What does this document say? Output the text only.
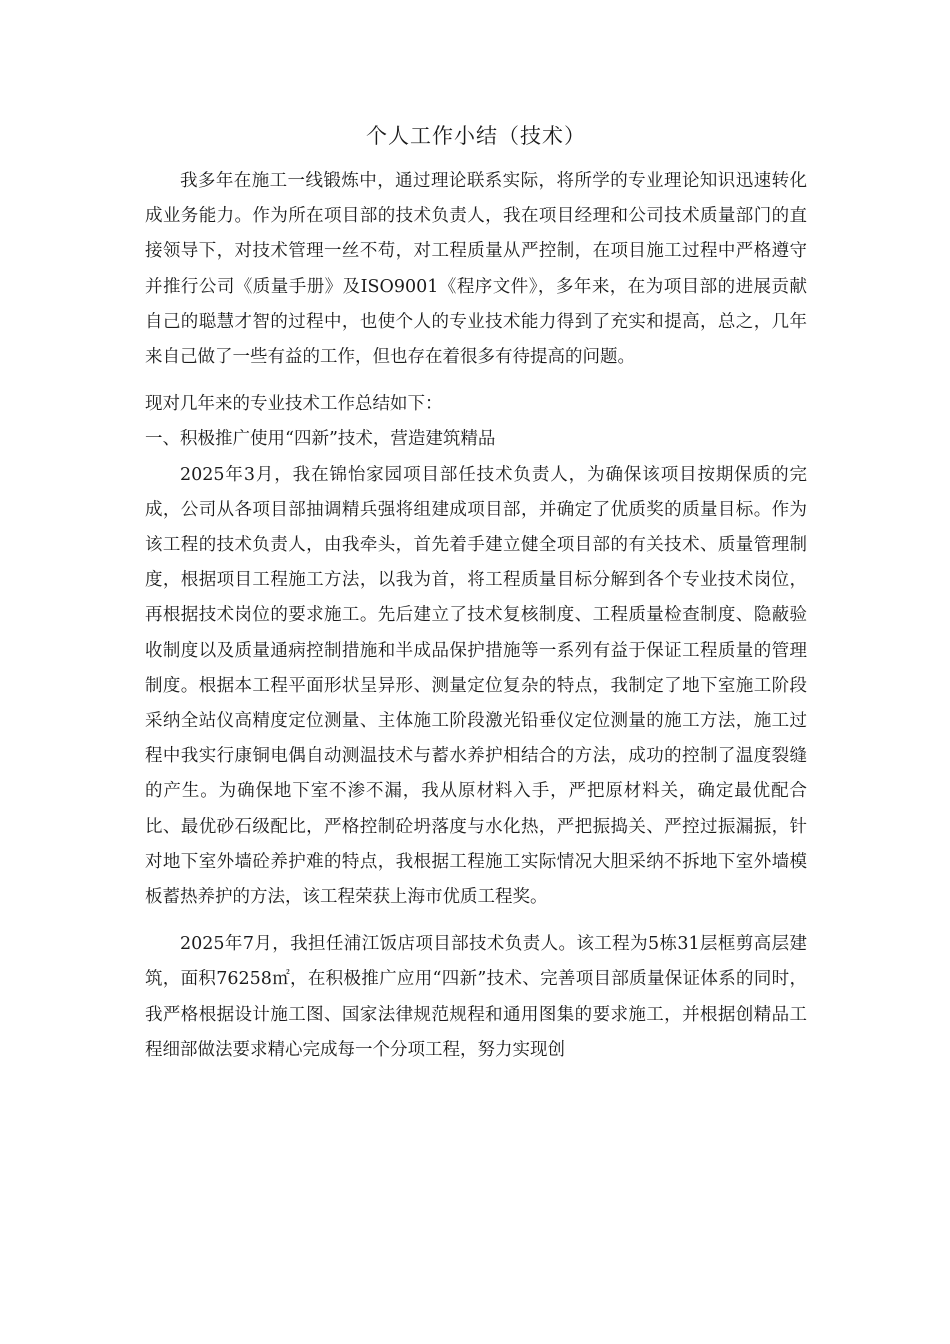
个人工作小结（技术）

我多年在施工一线锻炼中，通过理论联系实际，将所学的专业理论知识迅速转化成业务能力。作为所在项目部的技术负责人，我在项目经理和公司技术质量部门的直接领导下，对技术管理一丝不苟，对工程质量从严控制，在项目施工过程中严格遵守并推行公司《质量手册》及ISO9001《程序文件》，多年来，在为项目部的进展贡献自己的聪慧才智的过程中，也使个人的专业技术能力得到了充实和提高，总之，几年来自己做了一些有益的工作，但也存在着很多有待提高的问题。

现对几年来的专业技术工作总结如下：

一、积极推广使用“四新”技术，营造建筑精品

2025年3月，我在锦怡家园项目部任技术负责人，为确保该项目按期保质的完成，公司从各项目部抽调精兵强将组建成项目部，并确定了优质奖的质量目标。作为该工程的技术负责人，由我牵头，首先着手建立健全项目部的有关技术、质量管理制度，根据项目工程施工方法，以我为首，将工程质量目标分解到各个专业技术岗位，再根据技术岗位的要求施工。先后建立了技术复核制度、工程质量检查制度、隐蔽验收制度以及质量通病控制措施和半成品保护措施等一系列有益于保证工程质量的管理制度。根据本工程平面形状呈异形、测量定位复杂的特点，我制定了地下室施工阶段采纳全站仪高精度定位测量、主体施工阶段激光铅垂仪定位测量的施工方法，施工过程中我实行康铜电偶自动测温技术与蓄水养护相结合的方法，成功的控制了温度裂缝的产生。为确保地下室不渗不漏，我从原材料入手，严把原材料关，确定最优配合比、最优砂石级配比，严格控制砼坍落度与水化热，严把振捣关、严控过振漏振，针对地下室外墙砼养护难的特点，我根据工程施工实际情况大胆采纳不拆地下室外墙模板蓄热养护的方法，该工程荣获上海市优质工程奖。

2025年7月，我担任浦江饭店项目部技术负责人。该工程为5栋31层框剪高层建筑，面积76258㎡，在积极推广应用“四新”技术、完善项目部质量保证体系的同时，我严格根据设计施工图、国家法律规范规程和通用图集的要求施工，并根据创精品工程细部做法要求精心完成每一个分项工程，努力实现创
